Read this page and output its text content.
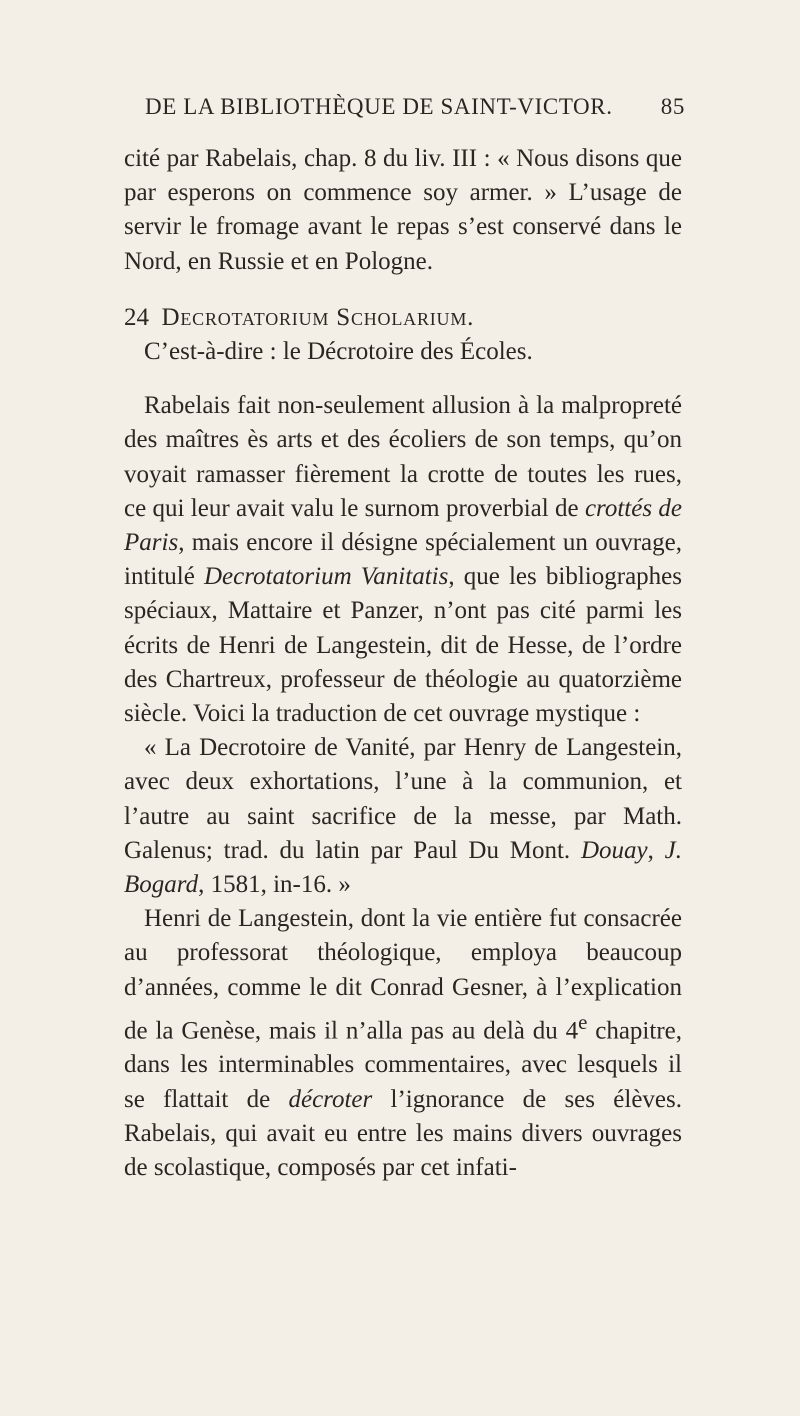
DE LA BIBLIOTHÈQUE DE SAINT-VICTOR. 85

cité par Rabelais, chap. 8 du liv. III : « Nous disons que par esperons on commence soy armer. » L’usage de servir le fromage avant le repas s’est conservé dans le Nord, en Russie et en Pologne.

24 Decrotatorium Scholarium.

C’est-à-dire : le Décrotoire des Écoles.

Rabelais fait non-seulement allusion à la malpropreté des maîtres ès arts et des écoliers de son temps, qu’on voyait ramasser fièrement la crotte de toutes les rues, ce qui leur avait valu le surnom proverbial de crottés de Paris, mais encore il désigne spécialement un ouvrage, intitulé Decrotatorium Vanitatis, que les bibliographes spéciaux, Mattaire et Panzer, n’ont pas cité parmi les écrits de Henri de Langestein, dit de Hesse, de l’ordre des Chartreux, professeur de théologie au quatorzième siècle. Voici la traduction de cet ouvrage mystique :

« La Decrotoire de Vanité, par Henry de Langestein, avec deux exhortations, l’une à la communion, et l’autre au saint sacrifice de la messe, par Math. Galenus; trad. du latin par Paul Du Mont. Douay, J. Bogard, 1581, in-16. »

Henri de Langestein, dont la vie entière fut consacrée au professorat théologique, employa beaucoup d’années, comme le dit Conrad Gesner, à l’explication de la Genèse, mais il n’alla pas au delà du 4e chapitre, dans les interminables commentaires, avec lesquels il se flattait de décroter l’ignorance de ses élèves. Rabelais, qui avait eu entre les mains divers ouvrages de scolastique, composés par cet infati-
